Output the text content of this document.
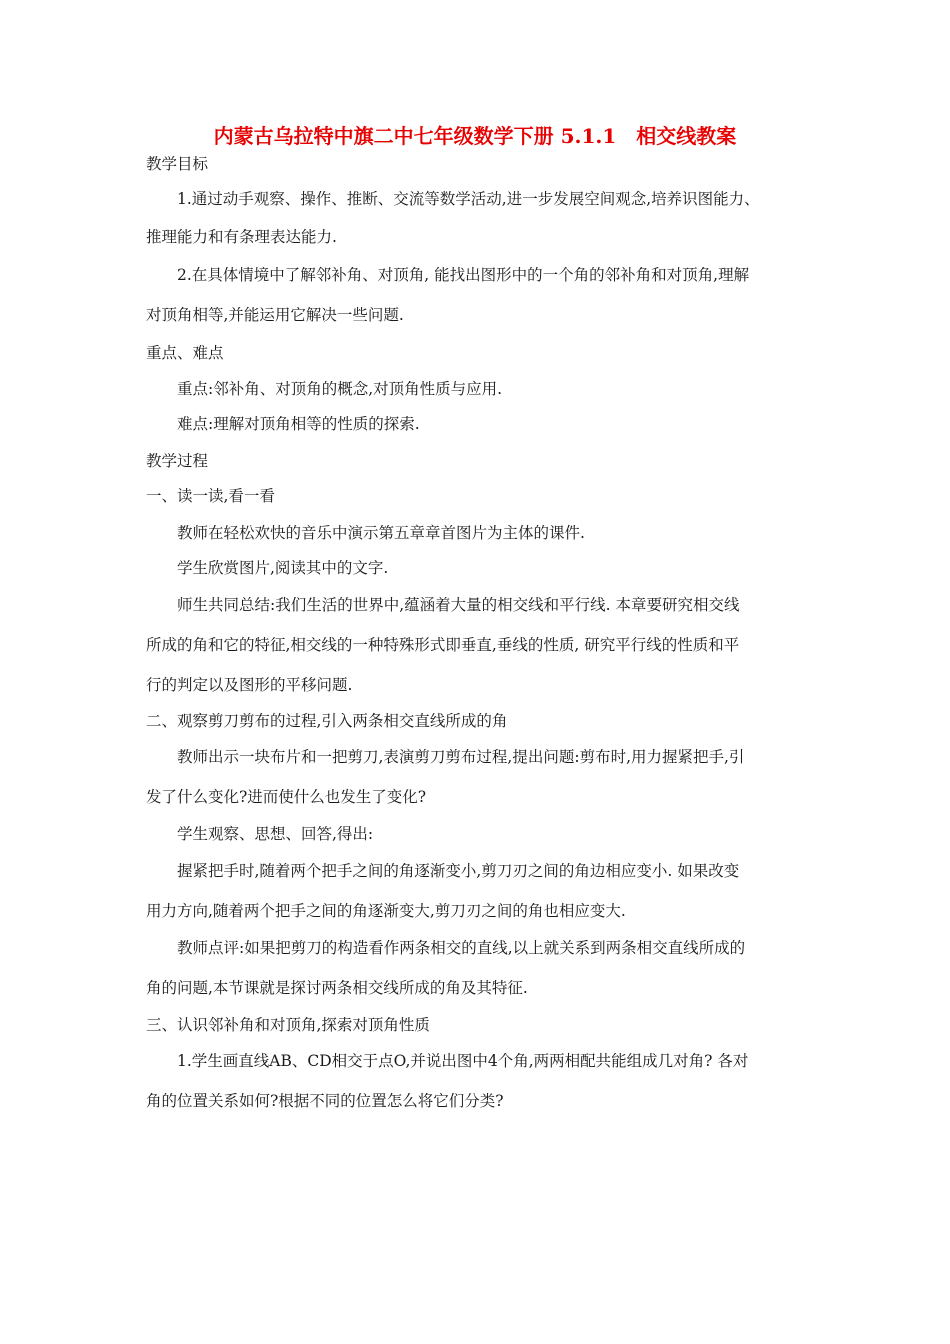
内蒙古乌拉特中旗二中七年级数学下册 5.1.1　相交线教案
教学目标
1.通过动手观察、操作、推断、交流等数学活动,进一步发展空间观念,培养识图能力、
推理能力和有条理表达能力.
2.在具体情境中了解邻补角、对顶角, 能找出图形中的一个角的邻补角和对顶角,理解
对顶角相等,并能运用它解决一些问题.
重点、难点
重点:邻补角、对顶角的概念,对顶角性质与应用.
难点:理解对顶角相等的性质的探索.
教学过程
一、读一读,看一看
教师在轻松欢快的音乐中演示第五章章首图片为主体的课件.
学生欣赏图片,阅读其中的文字.
师生共同总结:我们生活的世界中,蕴涵着大量的相交线和平行线. 本章要研究相交线
所成的角和它的特征,相交线的一种特殊形式即垂直,垂线的性质, 研究平行线的性质和平
行的判定以及图形的平移问题.
二、观察剪刀剪布的过程,引入两条相交直线所成的角
教师出示一块布片和一把剪刀,表演剪刀剪布过程,提出问题:剪布时,用力握紧把手,引
发了什么变化?进而使什么也发生了变化?
学生观察、思想、回答,得出:
握紧把手时,随着两个把手之间的角逐渐变小,剪刀刃之间的角边相应变小. 如果改变
用力方向,随着两个把手之间的角逐渐变大,剪刀刃之间的角也相应变大.
教师点评:如果把剪刀的构造看作两条相交的直线,以上就关系到两条相交直线所成的
角的问题,本节课就是探讨两条相交线所成的角及其特征.
三、认识邻补角和对顶角,探索对顶角性质
1.学生画直线AB、CD相交于点O,并说出图中4个角,两两相配共能组成几对角? 各对
角的位置关系如何?根据不同的位置怎么将它们分类?
